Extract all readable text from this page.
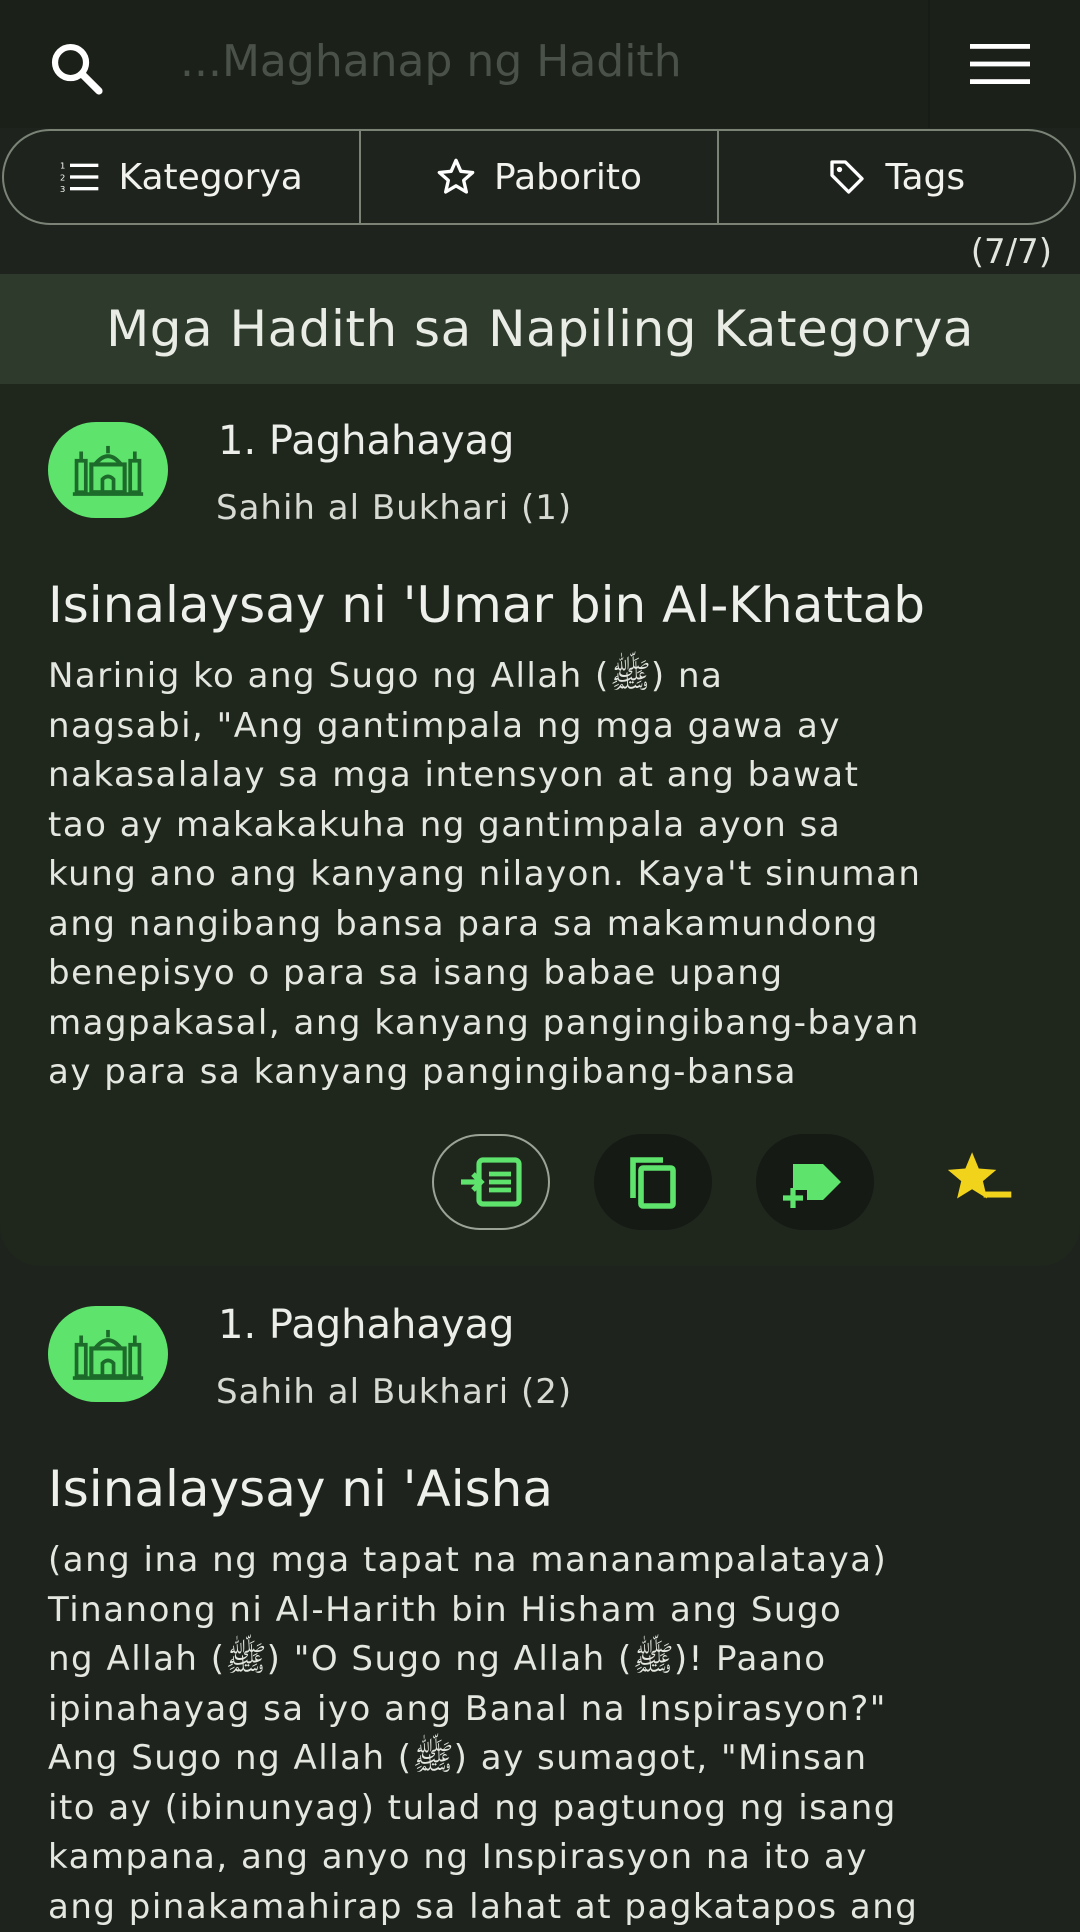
...Maghanap ng Hadith
1
2
3 Kategorya	Paborito	Tags
(7/7)
Mga Hadith sa Napiling Kategorya
1. Paghahayag
Sahih al Bukhari (1)
Isinalaysay ni 'Umar bin Al-Khattab
Narinig ko ang Sugo ng Allah (ﷺ) na
nagsabi, "Ang gantimpala ng mga gawa ay
nakasalalay sa mga intensyon at ang bawat
tao ay makakakuha ng gantimpala ayon sa
kung ano ang kanyang nilayon. Kaya't sinuman
ang nangibang bansa para sa makamundong
benepisyo o para sa isang babae upang
magpakasal, ang kanyang pangingibang-bayan
ay para sa kanyang pangingibang-bansa
1. Paghahayag
Sahih al Bukhari (2)
Isinalaysay ni 'Aisha
(ang ina ng mga tapat na mananampalataya)
Tinanong ni Al-Harith bin Hisham ang Sugo
ng Allah (ﷺ) "O Sugo ng Allah (ﷺ)! Paano
ipinahayag sa iyo ang Banal na Inspirasyon?"
Ang Sugo ng Allah (ﷺ) ay sumagot, "Minsan
ito ay (ibinunyag) tulad ng pagtunog ng isang
kampana, ang anyo ng Inspirasyon na ito ay
ang pinakamahirap sa lahat at pagkatapos ang
